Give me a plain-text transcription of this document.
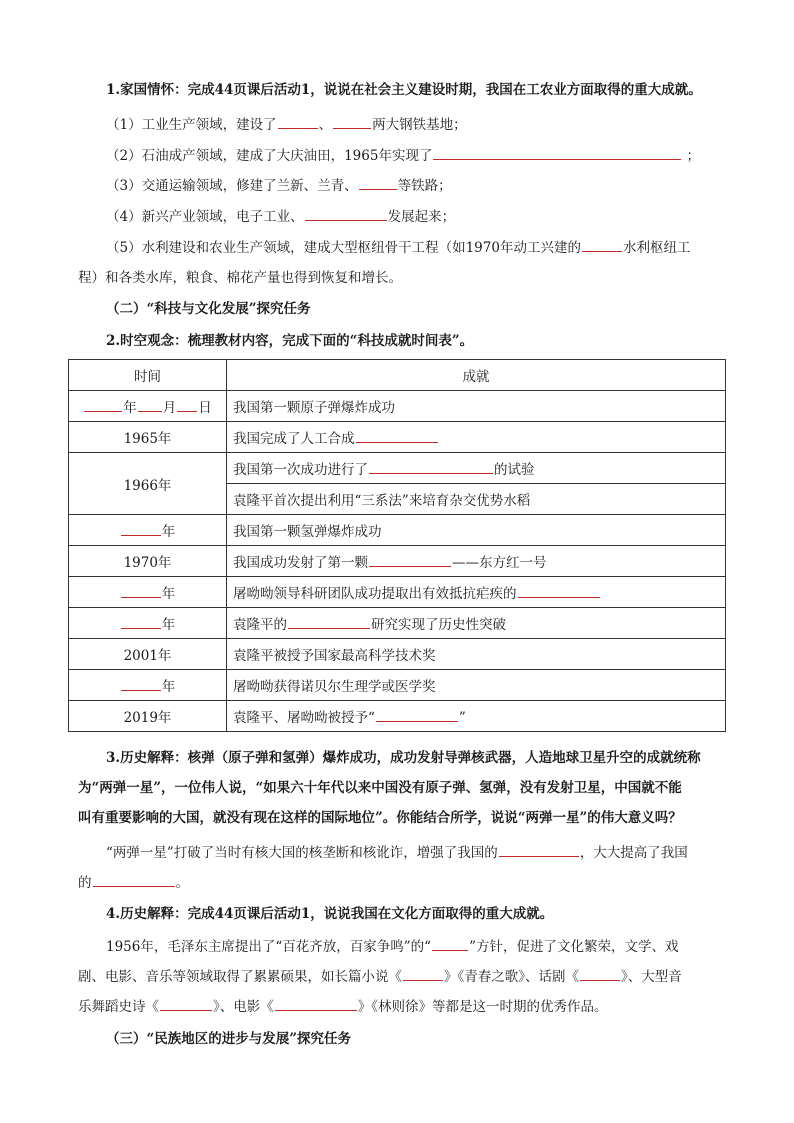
1.家国情怀：完成44页课后活动1，说说在社会主义建设时期，我国在工农业方面取得的重大成就。
（1）工业生产领域，建设了	、	两大钢铁基地；
（2）石油成产领域，建成了大庆油田，1965年实现了	；
（3）交通运输领域，修建了兰新、兰青、	等铁路；
（4）新兴产业领域，电子工业、	发展起来；
（5）水利建设和农业生产领域，建成大型枢纽骨干工程（如1970年动工兴建的	水利枢纽工
程）和各类水库，粮食、棉花产量也得到恢复和增长。
（二）“科技与文化发展”探究任务
2.时空观念：梳理教材内容，完成下面的“科技成就时间表”。
时间	成就
年 月 日	我国第一颗原子弹爆炸成功
1965年	我国完成了人工合成
1966年	我国第一次成功进行了 的试验
	袁隆平首次提出利用“三系法”来培育杂交优势水稻
年	我国第一颗氢弹爆炸成功
1970年	我国成功发射了第一颗 ——东方红一号
年	屠呦呦领导科研团队成功提取出有效抵抗疟疾的
年	袁隆平的 研究实现了历史性突破
2001年	袁隆平被授予国家最高科学技术奖
年	屠呦呦获得诺贝尔生理学或医学奖
2019年	袁隆平、屠呦呦被授予“ ”
3.历史解释：核弹（原子弹和氢弹）爆炸成功，成功发射导弹核武器，人造地球卫星升空的成就统称
为“两弹一星”，一位伟人说，“如果六十年代以来中国没有原子弹、氢弹，没有发射卫星，中国就不能
叫有重要影响的大国，就没有现在这样的国际地位”。你能结合所学，说说“两弹一星”的伟大意义吗？
“两弹一星”打破了当时有核大国的核垄断和核讹诈，增强了我国的	，大大提高了我国
的	。
4.历史解释：完成44页课后活动1，说说我国在文化方面取得的重大成就。
1956年，毛泽东主席提出了“百花齐放，百家争鸣”的“	”方针，促进了文化繁荣，文学、戏
剧、电影、音乐等领域取得了累累硕果，如长篇小说《	》《青春之歌》、话剧《	》、大型音
乐舞蹈史诗《	》、电影《	》《林则徐》等都是这一时期的优秀作品。
（三）“民族地区的进步与发展”探究任务
